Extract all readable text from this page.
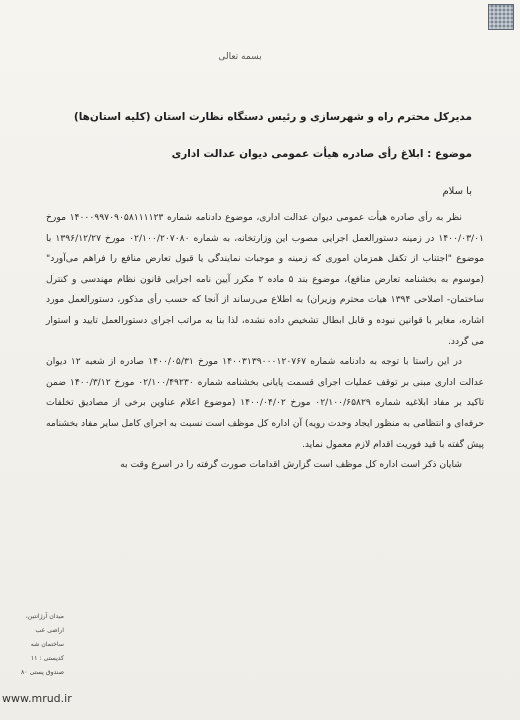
بسمه تعالی
مدیرکل محترم راه و شهرسازی و رئیس دستگاه نظارت استان (کلیه استان‌ها)
موضوع : ابلاغ رأی صادره هیأت عمومی دیوان عدالت اداری
با سلام

نظر به رأی صادره هیأت عمومی دیوان عدالت اداری، موضوع دادنامه شماره ۱۴۰۰۰۹۹۷۰۹۰۵۸۱۱۱۱۲۳ مورخ ۱۴۰۰/۰۳/۰۱ در زمینه دستورالعمل اجرایی مصوب این وزارتخانه، به شماره ۰۲/۱۰۰/۲۰۷۰۸۰ مورخ ۱۳۹۶/۱۲/۲۷ با موضوع "اجتناب از تکفل همزمان اموری که زمینه و موجبات نمایندگی یا قبول تعارض منافع را فراهم می‌آورد" (موسوم به بخشنامه تعارض منافع)، موضوع بند ۵ ماده ۲ مکرر آیین نامه اجرایی قانون نظام مهندسی و کنترل ساختمان- اصلاحی ۱۳۹۴ هیات محترم وزیران) به اطلاع می‌رساند از آنجا که حسب رأی مذکور، دستورالعمل مورد اشاره، مغایر با قوانین نبوده و قابل ابطال تشخیص داده نشده، لذا بنا به مراتب اجرای دستورالعمل تایید و استوار می گردد.

در این راستا با توجه به دادنامه شماره ۱۴۰۰۳۱۳۹۰۰۰۱۲۰۷۶۷ مورخ ۱۴۰۰/۰۵/۳۱ صادره از شعبه ۱۲ دیوان عدالت اداری مبنی بر توقف عملیات اجرای قسمت پایانی بخشنامه شماره ۰۲/۱۰۰/۴۹۲۳۰ مورخ ۱۴۰۰/۳/۱۲ ضمن تاکید بر مفاد ابلاغیه شماره ۰۲/۱۰۰/۶۵۸۲۹ مورخ ۱۴۰۰/۰۴/۰۲ (موضوع اعلام عناوین برخی از مصادیق تخلفات حرفه‌ای و انتظامی به منظور ایجاد وحدت رویه) آن اداره کل موظف است نسبت به اجرای کامل سایر مفاد بخشنامه پیش گفته با قید فوریت اقدام لازم معمول نماید.

شایان ذکر است اداره کل موظف است گزارش اقدامات صورت گرفته را در اسرع وقت به

میدان آرژانتین،
اراضی عب
ساختمان شه
کدپستی : ۱۱
صندوق پستی ۸۰
www.mrud.ir
